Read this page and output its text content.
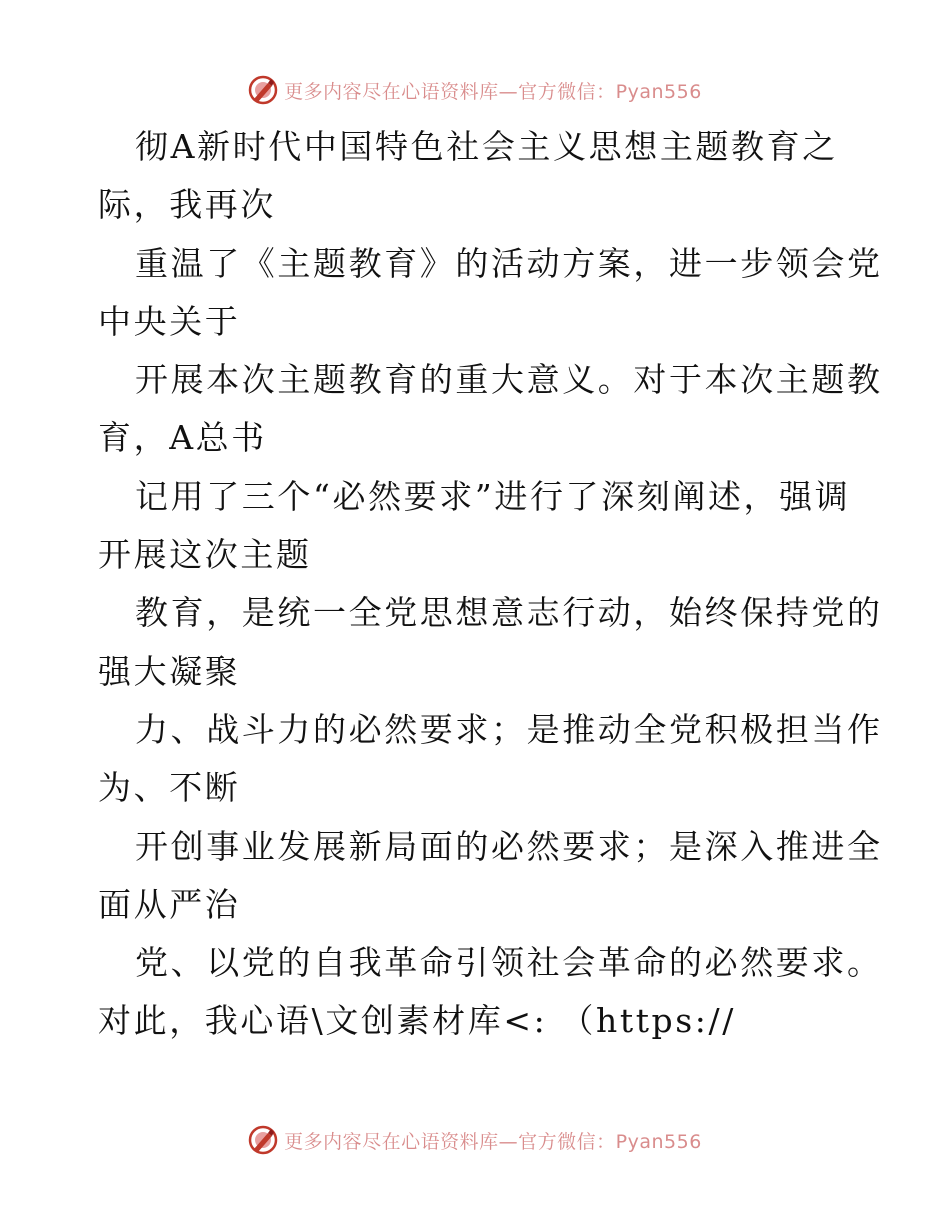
更多内容尽在心语资料库—官方微信：Pyan556
彻A新时代中国特色社会主义思想主题教育之
际，我再次
重温了《主题教育》的活动方案，进一步领会党
中央关于
开展本次主题教育的重大意义。对于本次主题教
育，A总书
记用了三个“必然要求”进行了深刻阐述，强调
开展这次主题
教育，是统一全党思想意志行动，始终保持党的
强大凝聚
力、战斗力的必然要求；是推动全党积极担当作
为、不断
开创事业发展新局面的必然要求；是深入推进全
面从严治
党、以党的自我革命引领社会革命的必然要求。
对此，我心语\文创素材库<: （https://
更多内容尽在心语资料库—官方微信：Pyan556
